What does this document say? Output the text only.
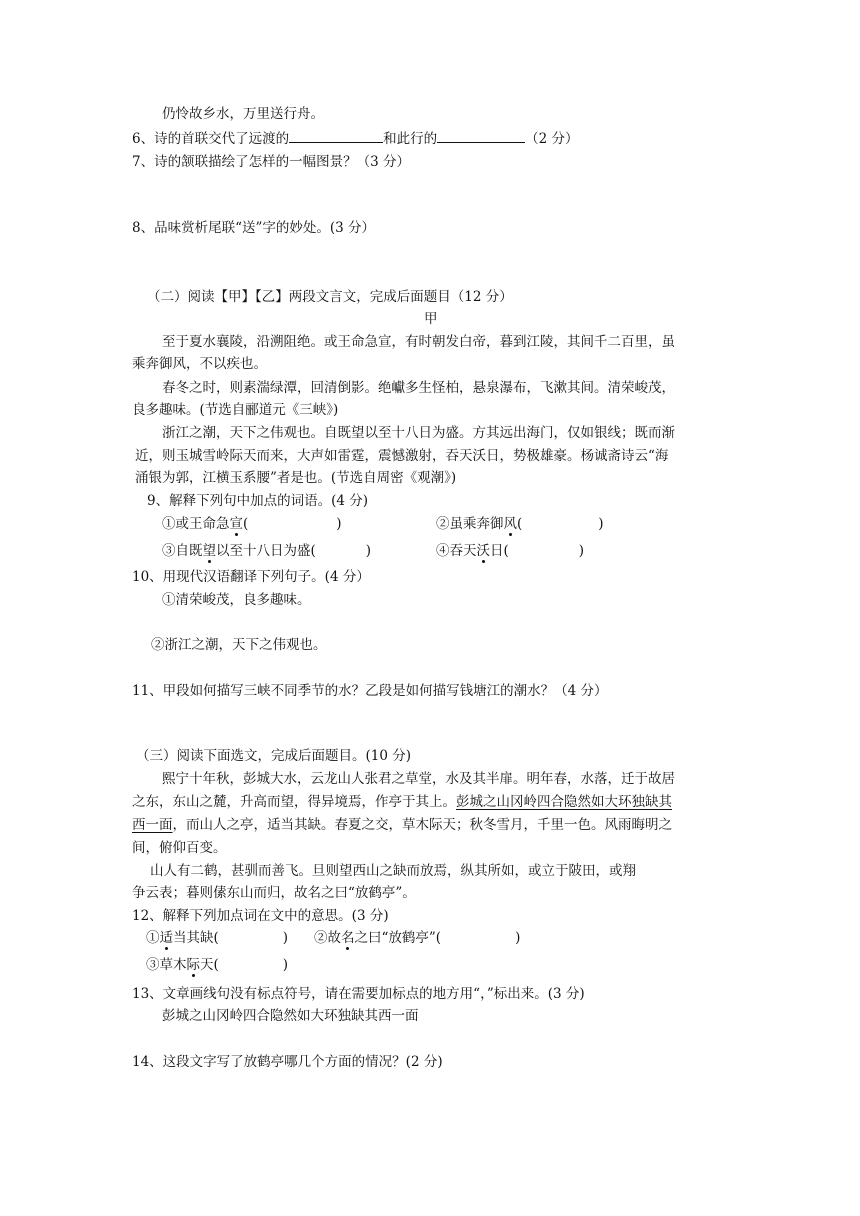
仍怜故乡水，万里送行舟。
6、诗的首联交代了远渡的	和此行的	（2 分）
7、诗的颔联描绘了怎样的一幅图景？（3 分）
8、品味赏析尾联“送”字的妙处。(3 分）
（二）阅读【甲】【乙】两段文言文，完成后面题目（12 分）
甲
至于夏水襄陵，沿溯阻绝。或王命急宣，有时朝发白帝，暮到江陵，其间千二百里，虽
乘奔御风，不以疾也。
春冬之时，则素湍绿潭，回清倒影。绝巘多生怪柏，悬泉瀑布，飞漱其间。清荣峻茂，
良多趣味。(节选自郦道元《三峡》)
浙江之潮，天下之伟观也。自既望以至十八日为盛。方其远出海门，仅如银线；既而渐
近，则玉城雪岭际天而来，大声如雷霆，震憾激射，吞天沃日，势极雄豪。杨诚斋诗云“海
涌银为郭，江横玉系腰”者是也。(节选自周密《观潮》)
9、解释下列句中加点的词语。(4 分)
①或王命急宣(	)	②虽乘奔御风(	)
③自既望以至十八日为盛(	)	④吞天沃日(	)
10、用现代汉语翻译下列句子。(4 分）
①清荣峻茂，良多趣味。
②浙江之潮，天下之伟观也。
11、甲段如何描写三峡不同季节的水？乙段是如何描写钱塘江的潮水？（4 分）
（三）阅读下面选文，完成后面题目。(10 分)
熙宁十年秋，彭城大水，云龙山人张君之草堂，水及其半扉。明年春，水落，迁于故居
之东，东山之麓，升高而望，得异境焉，作亭于其上。彭城之山冈岭四合隐然如大环独缺其
西一面，而山人之亭，适当其缺。春夏之交，草木际天；秋冬雪月，千里一色。风雨晦明之
间，俯仰百变。
山人有二鹤，甚驯而善飞。旦则望西山之缺而放焉，纵其所如，或立于陂田，或翔
争云表；暮则傃东山而归，故名之曰“放鹤亭”。
12、解释下列加点词在文中的意思。(3 分)
①适当其缺(	) ②故名之曰“放鹤亭”(	)
③草木际天(	)
13、文章画线句没有标点符号，请在需要加标点的地方用“，”标出来。(3 分)
彭城之山冈岭四合隐然如大环独缺其西一面
14、这段文字写了放鹤亭哪几个方面的情况？(2 分)
